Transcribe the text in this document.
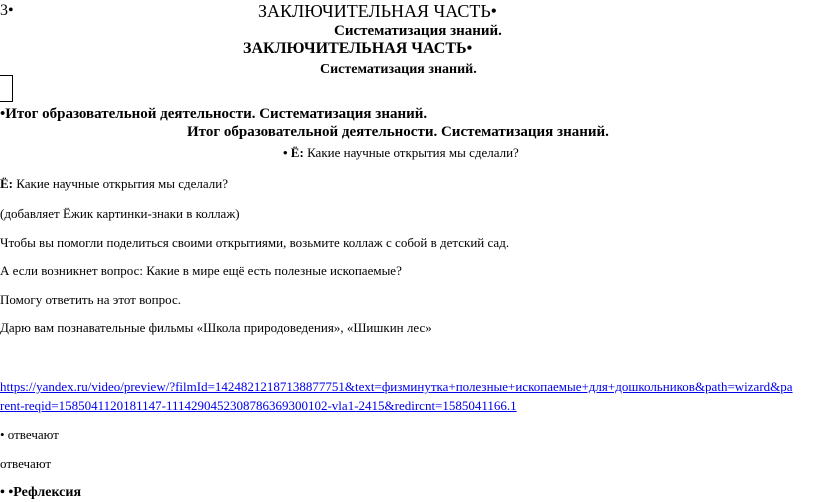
3•	ЗАКЛЮЧИТЕЛЬНАЯ ЧАСТЬ•
Систематизация знаний.
ЗАКЛЮЧИТЕЛЬНАЯ ЧАСТЬ•
Систематизация знаний.
•Итог образовательной деятельности. Систематизация знаний.
Итог образовательной деятельности. Систематизация знаний.
• Ё: Какие научные открытия мы сделали?
Ё: Какие научные открытия мы сделали?
(добавляет Ёжик картинки-знаки в коллаж)
Чтобы вы помогли поделиться своими открытиями, возьмите коллаж с собой в детский сад.
А если возникнет вопрос: Какие в мире ещё есть полезные ископаемые?
Помогу ответить на этот вопрос.
Дарю вам познавательные фильмы «Школа природоведения», «Шишкин лес»
https://yandex.ru/video/preview/?filmId=14248212187138877751&text=физминутка+полезные+ископаемые+для+дошкольников&path=wizard&pa
rent-reqid=1585041120181147-1114290452308786369300102-vla1-2415&redircnt=1585041166.1
• отвечают
отвечают
• •Рефлексия
